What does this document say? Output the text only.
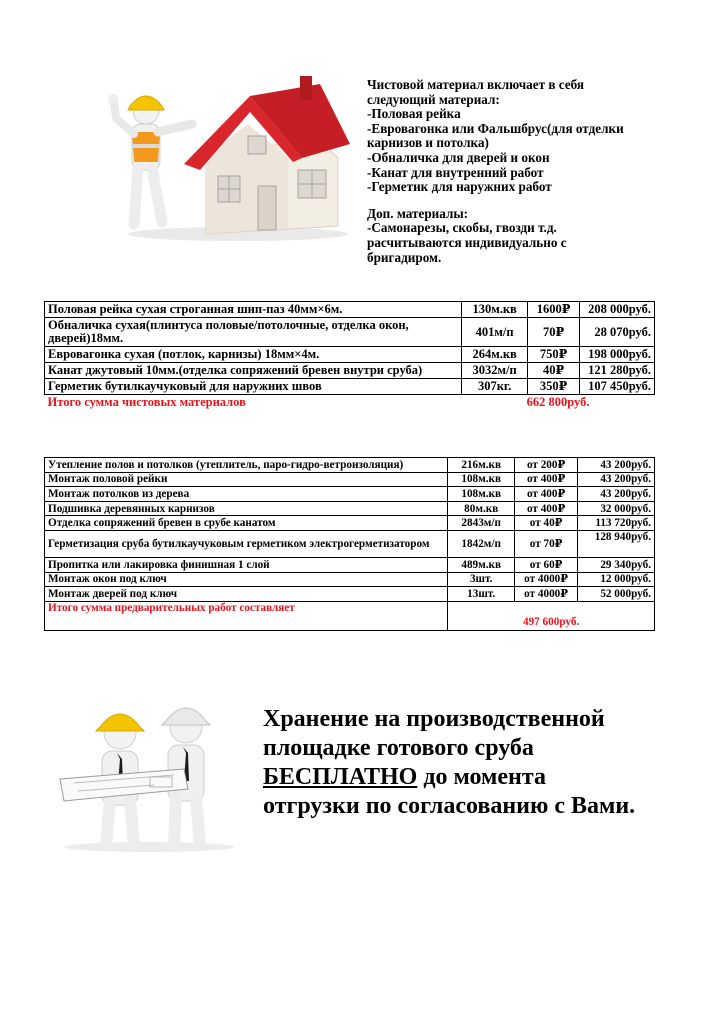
Чистовой материал включает в себя
следующий материал:
-Половая рейка
-Евровагонка или Фальшбрус(для отделки
карнизов и потолка)
-Обналичка для дверей и окон
-Канат для внутренний работ
-Герметик для наружних работ
Доп. материалы:
-Самонарезы, скобы, гвозди т.д.
расчитываются индивидуально с
бригадиром.
Половая рейка сухая строганная шип-паз 40мм×6м.	130м.кв	1600₽	208 000руб.
Обналичка сухая(плинтуса половые/потолочные, отделка окон, дверей)18мм.	401м/п	70₽	28 070руб.
Евровагонка сухая (потлок, карнизы) 18мм×4м.	264м.кв	750₽	198 000руб.
Канат джутовый 10мм.(отделка сопряжений бревен внутри сруба)	3032м/п	40₽	121 280руб.
Герметик бутилкаучуковый для наружних швов	307кг.	350₽	107 450руб.
Итого сумма чистовых материалов	662 800руб.		
Утепление полов и потолков (утеплитель, паро-гидро-ветроизоляция)	216м.кв	от 200₽	43 200руб.
Монтаж половой рейки	108м.кв	от 400₽	43 200руб.
Монтаж потолков из дерева	108м.кв	от 400₽	43 200руб.
Подшивка деревянных карнизов	80м.кв	от 400₽	32 000руб.
Отделка сопряжений бревен в срубе канатом	2843м/п	от 40₽	113 720руб.
Герметизация сруба бутилкаучуковым герметиком электрогерметизатором	1842м/п	от 70₽	128 940руб.
Пропитка или лакировка финишная 1 слой	489м.кв	от 60₽	29 340руб.
Монтаж окон под ключ	3шт.	от 4000₽	12 000руб.
Монтаж дверей под ключ	13шт.	от 4000₽	52 000руб.
Итого сумма предварительных работ составляет	497 600руб.		
Хранение на производственной
площадке готового сруба
БЕСПЛАТНО до момента
отгрузки по согласованию с Вами.
